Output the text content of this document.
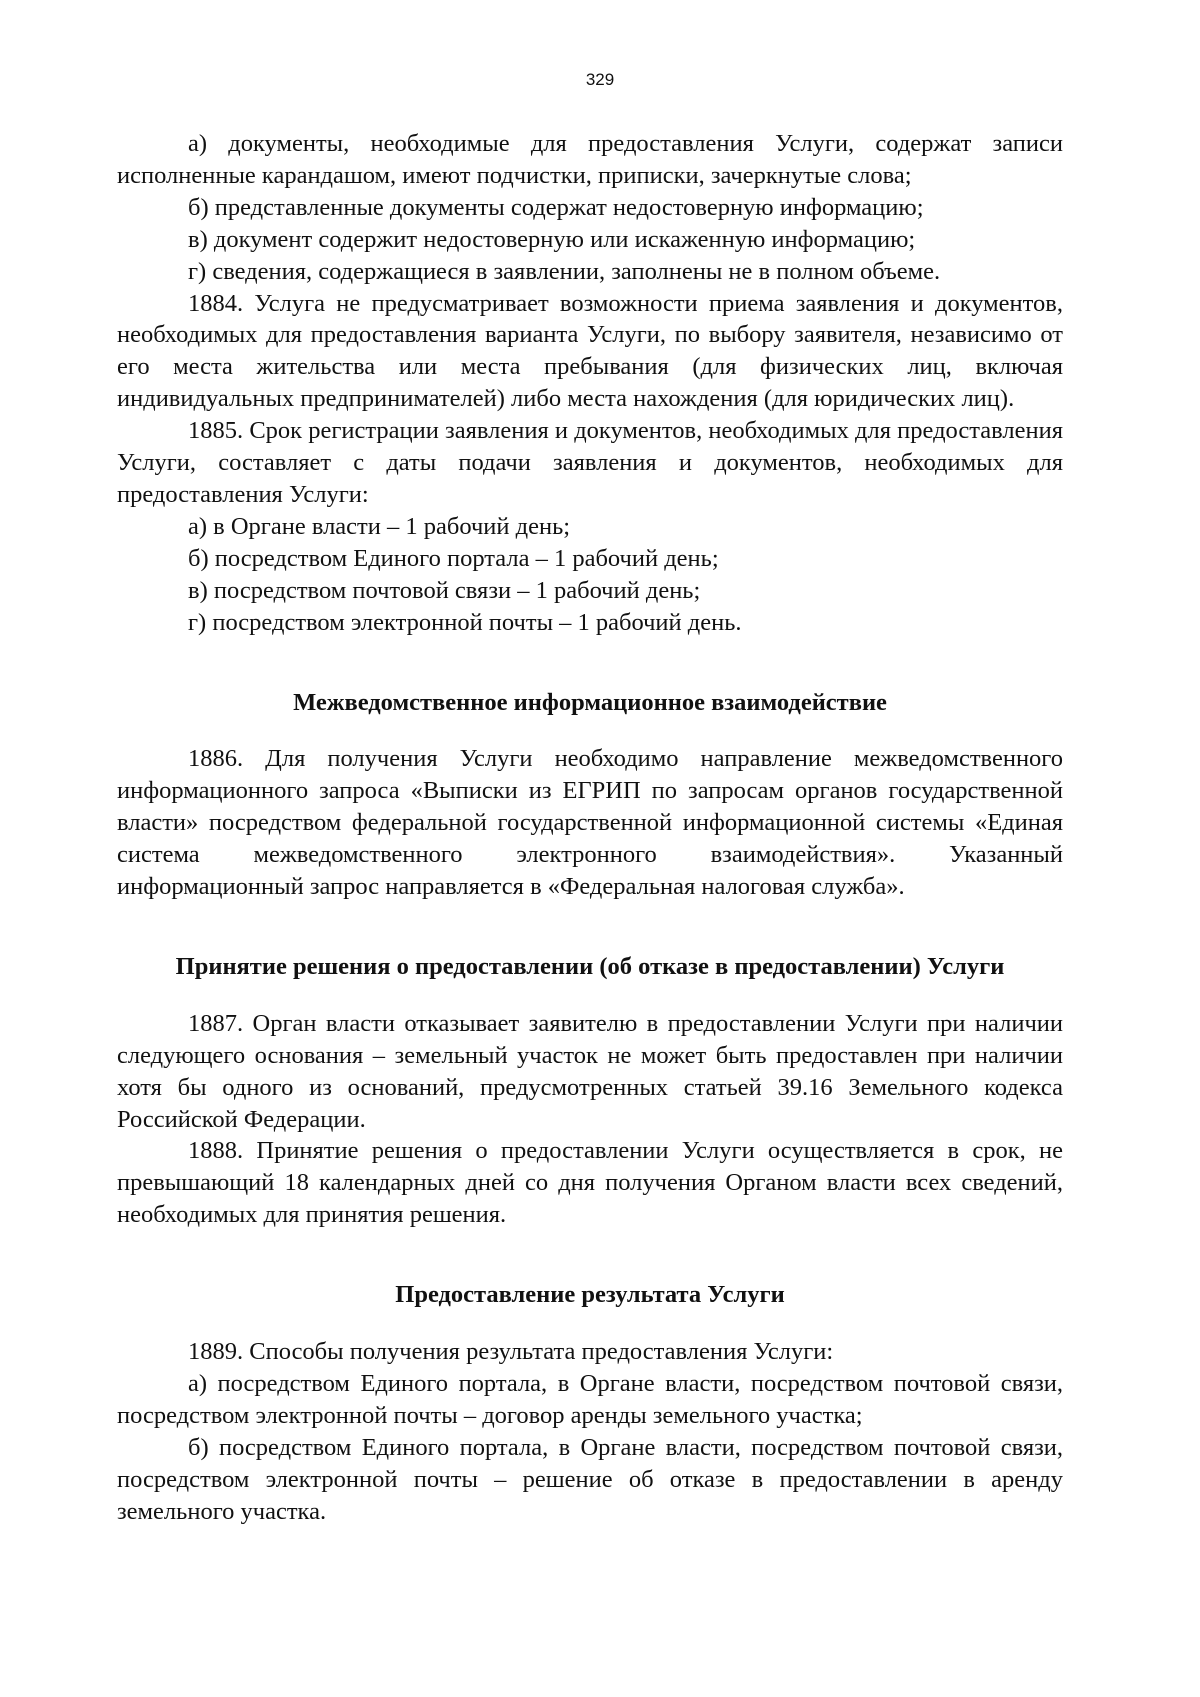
329

а) документы, необходимые для предоставления Услуги, содержат записи исполненные карандашом, имеют подчистки, приписки, зачеркнутые слова;

б) представленные документы содержат недостоверную информацию;

в) документ содержит недостоверную или искаженную информацию;

г) сведения, содержащиеся в заявлении, заполнены не в полном объеме.

1884. Услуга не предусматривает возможности приема заявления и документов, необходимых для предоставления варианта Услуги, по выбору заявителя, независимо от его места жительства или места пребывания (для физических лиц, включая индивидуальных предпринимателей) либо места нахождения (для юридических лиц).

1885. Срок регистрации заявления и документов, необходимых для предоставления Услуги, составляет с даты подачи заявления и документов, необходимых для предоставления Услуги:

а) в Органе власти – 1 рабочий день;

б) посредством Единого портала – 1 рабочий день;

в) посредством почтовой связи – 1 рабочий день;

г) посредством электронной почты – 1 рабочий день.

Межведомственное информационное взаимодействие

1886. Для получения Услуги необходимо направление межведомственного информационного запроса «Выписки из ЕГРИП по запросам органов государственной власти» посредством федеральной государственной информационной системы «Единая система межведомственного электронного взаимодействия». Указанный информационный запрос направляется в «Федеральная налоговая служба».

Принятие решения о предоставлении (об отказе в предоставлении) Услуги

1887. Орган власти отказывает заявителю в предоставлении Услуги при наличии следующего основания – земельный участок не может быть предоставлен при наличии хотя бы одного из оснований, предусмотренных статьей 39.16 Земельного кодекса Российской Федерации.

1888. Принятие решения о предоставлении Услуги осуществляется в срок, не превышающий 18 календарных дней со дня получения Органом власти всех сведений, необходимых для принятия решения.

Предоставление результата Услуги

1889. Способы получения результата предоставления Услуги:

а) посредством Единого портала, в Органе власти, посредством почтовой связи, посредством электронной почты – договор аренды земельного участка;

б) посредством Единого портала, в Органе власти, посредством почтовой связи, посредством электронной почты – решение об отказе в предоставлении в аренду земельного участка.
